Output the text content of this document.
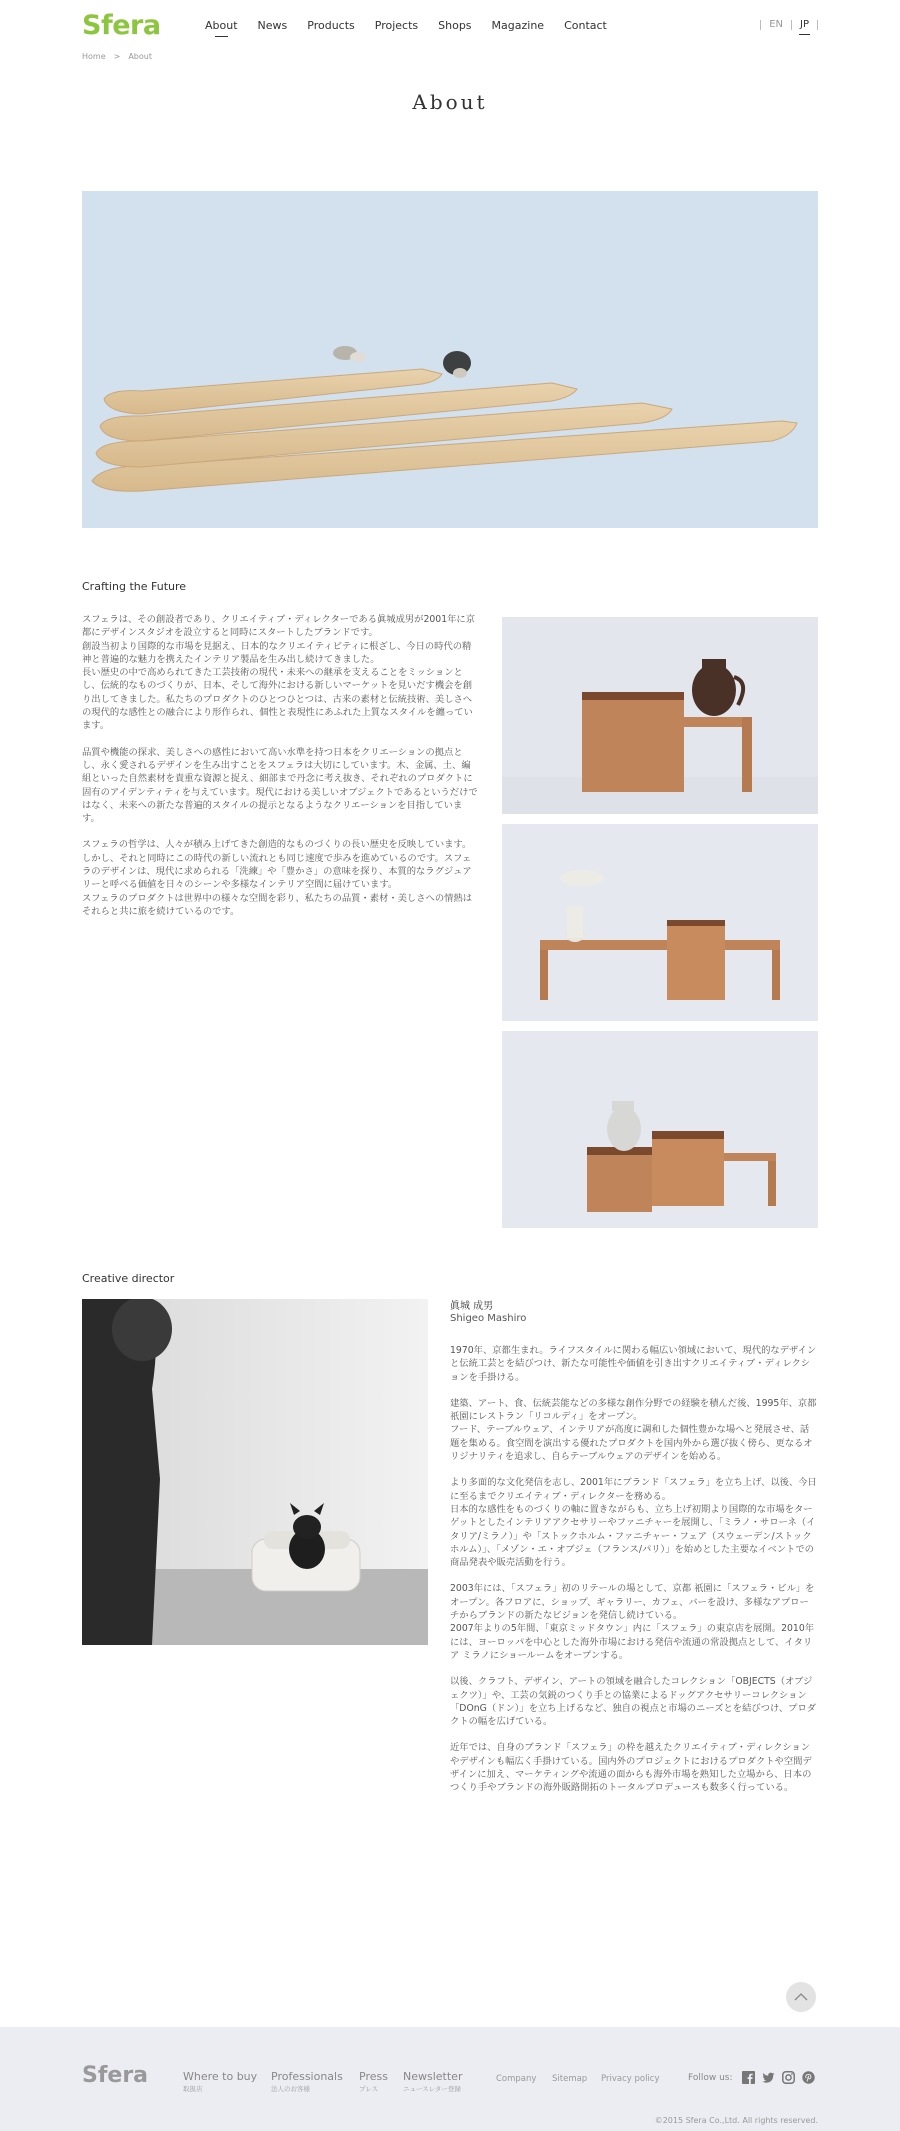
Sfera	About News Products Projects Shops Magazine Contact	EN	JP
Home > About
About
Crafting the Future

スフェラは、その創設者であり、クリエイティブ・ディレクターである眞城成男が2001年に京都にデザインスタジオを設立すると同時にスタートしたブランドです。
創設当初より国際的な市場を見据え、日本的なクリエイティビティに根ざし、今日の時代の精神と普遍的な魅力を携えたインテリア製品を生み出し続けてきました。
長い歴史の中で高められてきた工芸技術の現代・未来への継承を支えることをミッションとし、伝統的なものづくりが、日本、そして海外における新しいマーケットを見いだす機会を創り出してきました。私たちのプロダクトのひとつひとつは、古来の素材と伝統技術、美しさへの現代的な感性との融合により形作られ、個性と表現性にあふれた上質なスタイルを纏っています。

品質や機能の探求、美しさへの感性において高い水準を持つ日本をクリエーションの拠点とし、永く愛されるデザインを生み出すことをスフェラは大切にしています。木、金属、土、編組といった自然素材を貴重な資源と捉え、細部まで丹念に考え抜き、それぞれのプロダクトに固有のアイデンティティを与えています。現代における美しいオブジェクトであるというだけではなく、未来への新たな普遍的スタイルの提示となるようなクリエーションを目指しています。

スフェラの哲学は、人々が積み上げてきた創造的なものづくりの長い歴史を反映しています。しかし、それと同時にこの時代の新しい流れとも同じ速度で歩みを進めているのです。スフェラのデザインは、現代に求められる「洗練」や「豊かさ」の意味を探り、本質的なラグジュアリーと呼べる価値を日々のシーンや多様なインテリア空間に届けています。
スフェラのプロダクトは世界中の様々な空間を彩り、私たちの品質・素材・美しさへの情熱はそれらと共に旅を続けているのです。

Creative director
眞城 成男
Shigeo Mashiro

1970年、京都生まれ。ライフスタイルに関わる幅広い領域において、現代的なデザインと伝統工芸とを結びつけ、新たな可能性や価値を引き出すクリエイティブ・ディレクションを手掛ける。

建築、アート、食、伝統芸能などの多様な創作分野での経験を積んだ後、1995年、京都 祇園にレストラン「リコルディ」をオープン。
フード、テーブルウェア、インテリアが高度に調和した個性豊かな場へと発展させ、話題を集める。食空間を演出する優れたプロダクトを国内外から選び抜く傍ら、更なるオリジナリティを追求し、自らテーブルウェアのデザインを始める。

より多面的な文化発信を志し、2001年にブランド「スフェラ」を立ち上げ、以後、今日に至るまでクリエイティブ・ディレクターを務める。
日本的な感性をものづくりの軸に置きながらも、立ち上げ初期より国際的な市場をターゲットとしたインテリアアクセサリーやファニチャーを展開し、「ミラノ・サローネ（イタリア/ミラノ）」や「ストックホルム・ファニチャー・フェア（スウェーデン/ストックホルム）」、「メゾン・エ・オブジェ（フランス/パリ）」を始めとした主要なイベントでの商品発表や販売活動を行う。

2003年には、「スフェラ」初のリテールの場として、京都 祇園に「スフェラ・ビル」をオープン。各フロアに、ショップ、ギャラリー、カフェ、バーを設け、多様なアプローチからブランドの新たなビジョンを発信し続けている。
2007年よりの5年間、「東京ミッドタウン」内に「スフェラ」の東京店を展開。2010年には、ヨーロッパを中心とした海外市場における発信や流通の常設拠点として、イタリア ミラノにショールームをオープンする。

以後、クラフト、デザイン、アートの領域を融合したコレクション「OBJECTS（オブジェクツ）」や、工芸の気鋭のつくり手との協業によるドッグアクセサリーコレクション「DOnG（ドン）」を立ち上げるなど、独自の視点と市場のニーズとを結びつけ、プロダクトの幅を広げている。

近年では、自身のブランド「スフェラ」の枠を越えたクリエイティブ・ディレクションやデザインも幅広く手掛けている。国内外のプロジェクトにおけるプロダクトや空間デザインに加え、マーケティングや流通の面からも海外市場を熟知した立場から、日本のつくり手やブランドの海外販路開拓のトータルプロデュースも数多く行っている。

Sfera	Where to buy
取扱店
Professionals
法人のお客様
Press
プレス
Newsletter
ニュースレター登録
Company Sitemap Privacy policy	Follow us:
©2015 Sfera Co.,Ltd. All rights reserved.
